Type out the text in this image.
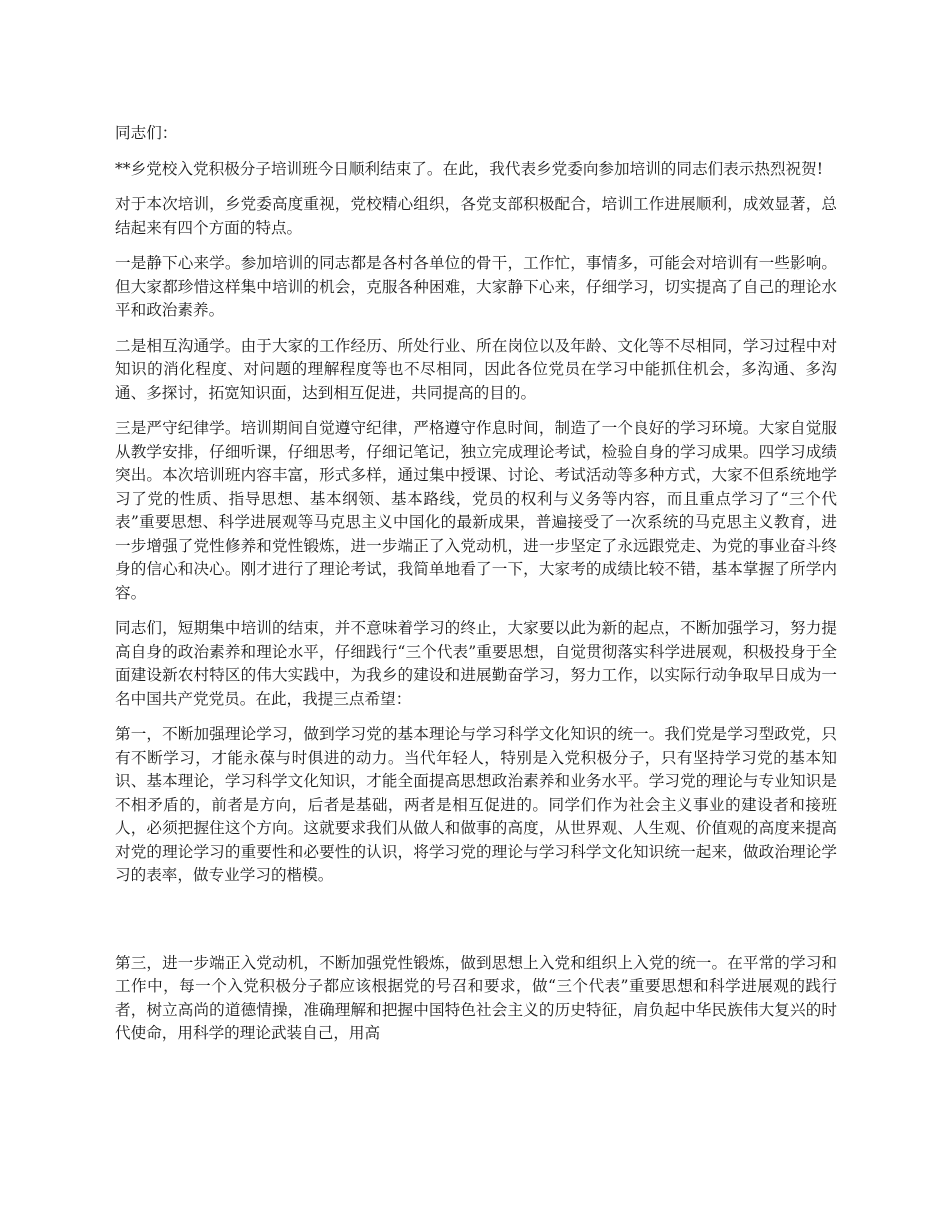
同志们：

**乡党校入党积极分子培训班今日顺利结束了。在此，我代表乡党委向参加培训的同志们表示热烈祝贺!

对于本次培训，乡党委高度重视，党校精心组织，各党支部积极配合，培训工作进展顺利，成效显著，总结起来有四个方面的特点。

一是静下心来学。参加培训的同志都是各村各单位的骨干，工作忙，事情多，可能会对培训有一些影响。但大家都珍惜这样集中培训的机会，克服各种困难，大家静下心来，仔细学习，切实提高了自己的理论水平和政治素养。

二是相互沟通学。由于大家的工作经历、所处行业、所在岗位以及年龄、文化等不尽相同，学习过程中对知识的消化程度、对问题的理解程度等也不尽相同，因此各位党员在学习中能抓住机会，多沟通、多沟通、多探讨，拓宽知识面，达到相互促进，共同提高的目的。

三是严守纪律学。培训期间自觉遵守纪律，严格遵守作息时间，制造了一个良好的学习环境。大家自觉服从教学安排，仔细听课，仔细思考，仔细记笔记，独立完成理论考试，检验自身的学习成果。四学习成绩突出。本次培训班内容丰富，形式多样，通过集中授课、讨论、考试活动等多种方式，大家不但系统地学习了党的性质、指导思想、基本纲领、基本路线，党员的权利与义务等内容，而且重点学习了“三个代表”重要思想、科学进展观等马克思主义中国化的最新成果，普遍接受了一次系统的马克思主义教育，进一步增强了党性修养和党性锻炼，进一步端正了入党动机，进一步坚定了永远跟党走、为党的事业奋斗终身的信心和决心。刚才进行了理论考试，我简单地看了一下，大家考的成绩比较不错，基本掌握了所学内容。

同志们，短期集中培训的结束，并不意味着学习的终止，大家要以此为新的起点，不断加强学习，努力提高自身的政治素养和理论水平，仔细践行“三个代表”重要思想，自觉贯彻落实科学进展观，积极投身于全面建设新农村特区的伟大实践中，为我乡的建设和进展勤奋学习，努力工作，以实际行动争取早日成为一名中国共产党党员。在此，我提三点希望：

第一，不断加强理论学习，做到学习党的基本理论与学习科学文化知识的统一。我们党是学习型政党，只有不断学习，才能永葆与时俱进的动力。当代年轻人，特别是入党积极分子，只有坚持学习党的基本知识、基本理论，学习科学文化知识，才能全面提高思想政治素养和业务水平。学习党的理论与专业知识是不相矛盾的，前者是方向，后者是基础，两者是相互促进的。同学们作为社会主义事业的建设者和接班人，必须把握住这个方向。这就要求我们从做人和做事的高度，从世界观、人生观、价值观的高度来提高对党的理论学习的重要性和必要性的认识，将学习党的理论与学习科学文化知识统一起来，做政治理论学习的表率，做专业学习的楷模。

第三，进一步端正入党动机，不断加强党性锻炼，做到思想上入党和组织上入党的统一。在平常的学习和工作中，每一个入党积极分子都应该根据党的号召和要求，做“三个代表”重要思想和科学进展观的践行者，树立高尚的道德情操，准确理解和把握中国特色社会主义的历史特征，肩负起中华民族伟大复兴的时代使命，用科学的理论武装自己，用高
